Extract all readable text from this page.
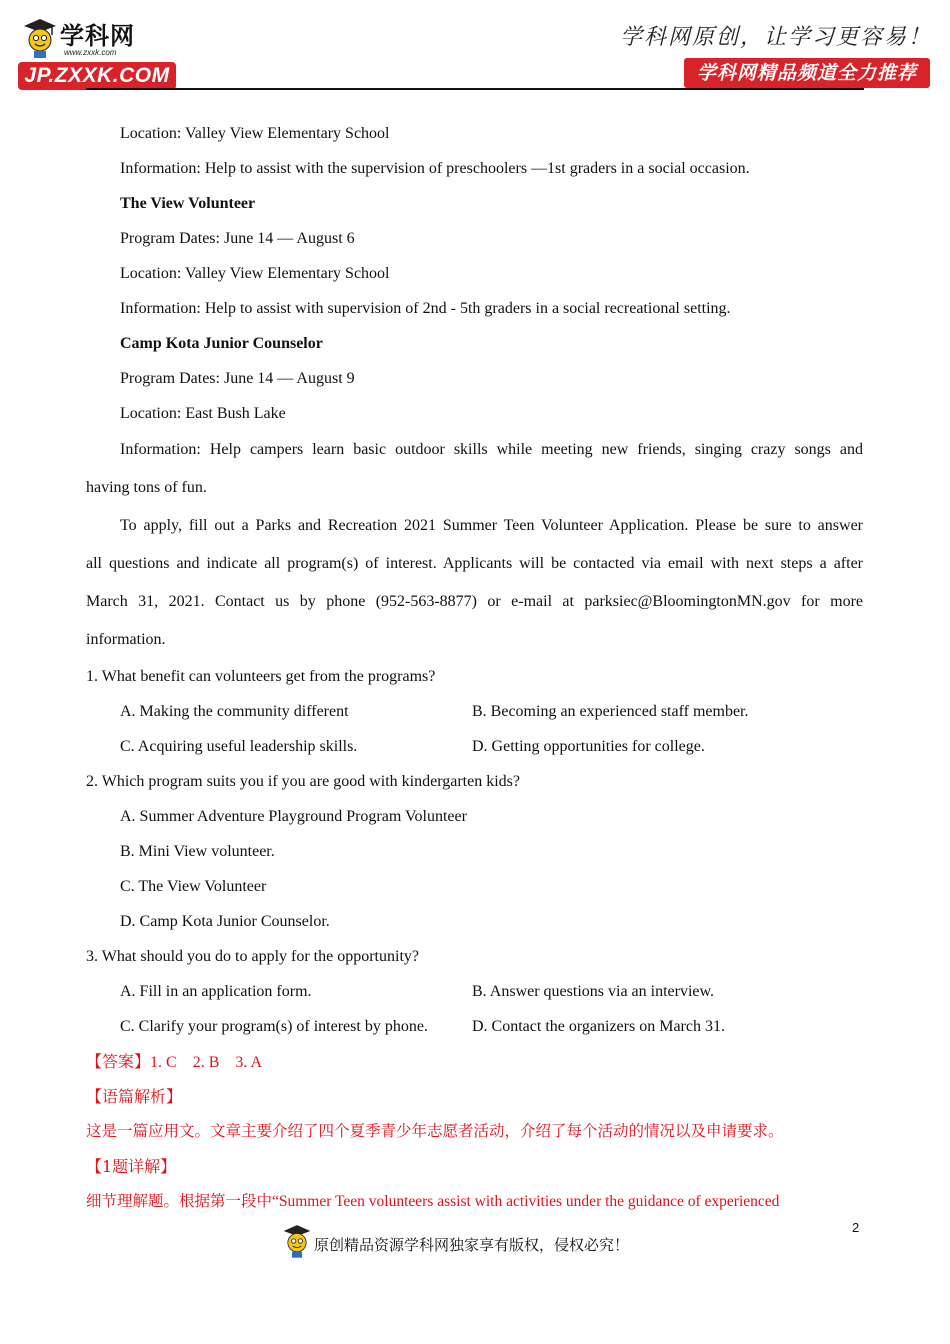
学科网
www.zxxk.com
JP.ZXXK.COM
学科网原创，让学习更容易！
学科网精品频道全力推荐
Location: Valley View Elementary School
Information: Help to assist with the supervision of preschoolers —1st graders in a social occasion.
The View Volunteer
Program Dates: June 14 — August 6
Location: Valley View Elementary School
Information: Help to assist with supervision of 2nd - 5th graders in a social recreational setting.
Camp Kota Junior Counselor
Program Dates: June 14 — August 9
Location: East Bush Lake
Information: Help campers learn basic outdoor skills while meeting new friends, singing crazy songs and
having tons of fun.
To apply, fill out a Parks and Recreation 2021 Summer Teen Volunteer Application. Please be sure to answer
all questions and indicate all program(s) of interest. Applicants will be contacted via email with next steps a after
March 31, 2021. Contact us by phone (952-563-8877) or e-mail at parksiec@BloomingtonMN.gov for more
information.
1. What benefit can volunteers get from the programs?
A. Making the community different	B. Becoming an experienced staff member.
C. Acquiring useful leadership skills.	D. Getting opportunities for college.
2. Which program suits you if you are good with kindergarten kids?
A. Summer Adventure Playground Program Volunteer
B. Mini View volunteer.
C. The View Volunteer
D. Camp Kota Junior Counselor.
3. What should you do to apply for the opportunity?
A. Fill in an application form.	B. Answer questions via an interview.
C. Clarify your program(s) of interest by phone.	D. Contact the organizers on March 31.
【答案】1. C    2. B    3. A
【语篇解析】
这是一篇应用文。文章主要介绍了四个夏季青少年志愿者活动，介绍了每个活动的情况以及申请要求。
【1题详解】
细节理解题。根据第一段中“Summer Teen volunteers assist with activities under the guidance of experienced
2
原创精品资源学科网独家享有版权，侵权必究！
